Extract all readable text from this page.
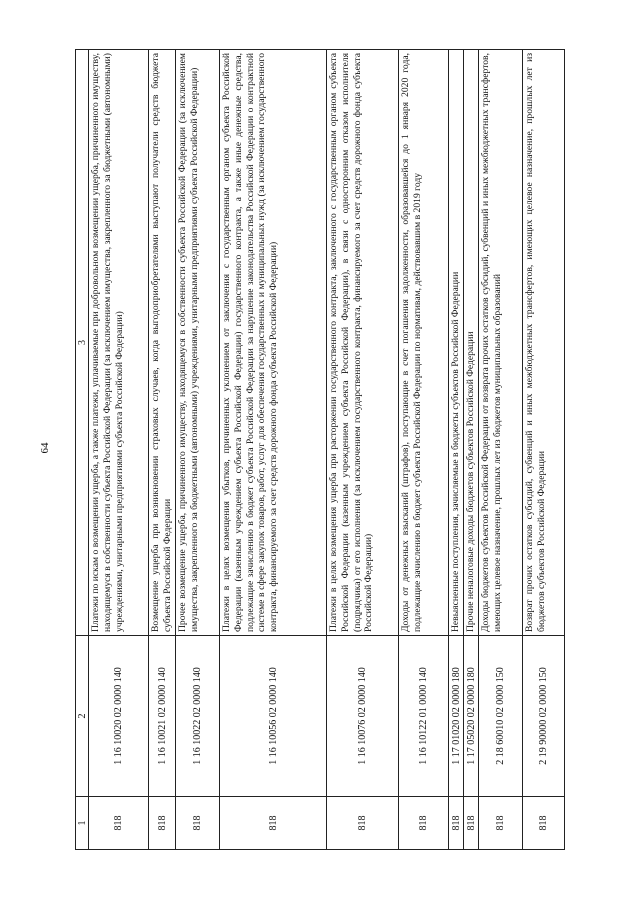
64
1	2	3
818	1 16 10020 02 0000 140	Платежи по искам о возмещении ущерба, а также платежи, уплачиваемые при добровольном возмещении ущерба, причиненного имуществу, находящемуся в собственности субъекта Российской Федерации (за исключением имущества, закрепленного за бюджетными (автономными) учреждениями, унитарными предприятиями субъекта Российской Федерации)
818	1 16 10021 02 0000 140	Возмещение ущерба при возникновении страховых случаев, когда выгодоприобретателями выступают получатели средств бюджета субъекта Российской Федерации
818	1 16 10022 02 0000 140	Прочее возмещение ущерба, причиненного имуществу, находящемуся в собственности субъекта Российской Федерации (за исключением имущества, закрепленного за бюджетными (автономными) учреждениями, унитарными предприятиями субъекта Российской Федерации)
818	1 16 10056 02 0000 140	Платежи в целях возмещения убытков, причиненных уклонением от заключения с государственным органом субъекта Российской Федерации (казенным учреждением субъекта Российской Федерации) государственного контракта, а также иные денежные средства, подлежащие зачислению в бюджет субъекта Российской Федерации за нарушение законодательства Российской Федерации о контрактной системе в сфере закупок товаров, работ, услуг для обеспечения государственных и муниципальных нужд (за исключением государственного контракта, финансируемого за счет средств дорожного фонда субъекта Российской Федерации)
818	1 16 10076 02 0000 140	Платежи в целях возмещения ущерба при расторжении государственного контракта, заключенного с государственным органом субъекта Российской Федерации (казенным учреждением субъекта Российской Федерации), в связи с односторонним отказом исполнителя (подрядчика) от его исполнения (за исключением государственного контракта, финансируемого за счет средств дорожного фонда субъекта Российской Федерации)
818	1 16 10122 01 0000 140	Доходы от денежных взысканий (штрафов), поступающие в счет погашения задолженности, образовавшейся до 1 января 2020 года, подлежащие зачислению в бюджет субъекта Российской Федерации по нормативам, действовавшим в 2019 году
818	1 17 01020 02 0000 180	Невыясненные поступления, зачисляемые в бюджеты субъектов Российской Федерации
818	1 17 05020 02 0000 180	Прочие неналоговые доходы бюджетов субъектов Российской Федерации
818	2 18 60010 02 0000 150	Доходы бюджетов субъектов Российской Федерации от возврата прочих остатков субсидий, субвенций и иных межбюджетных трансфертов, имеющих целевое назначение, прошлых лет из бюджетов муниципальных образований
818	2 19 90000 02 0000 150	Возврат прочих остатков субсидий, субвенций и иных межбюджетных трансфертов, имеющих целевое назначение, прошлых лет из бюджетов субъектов Российской Федерации
